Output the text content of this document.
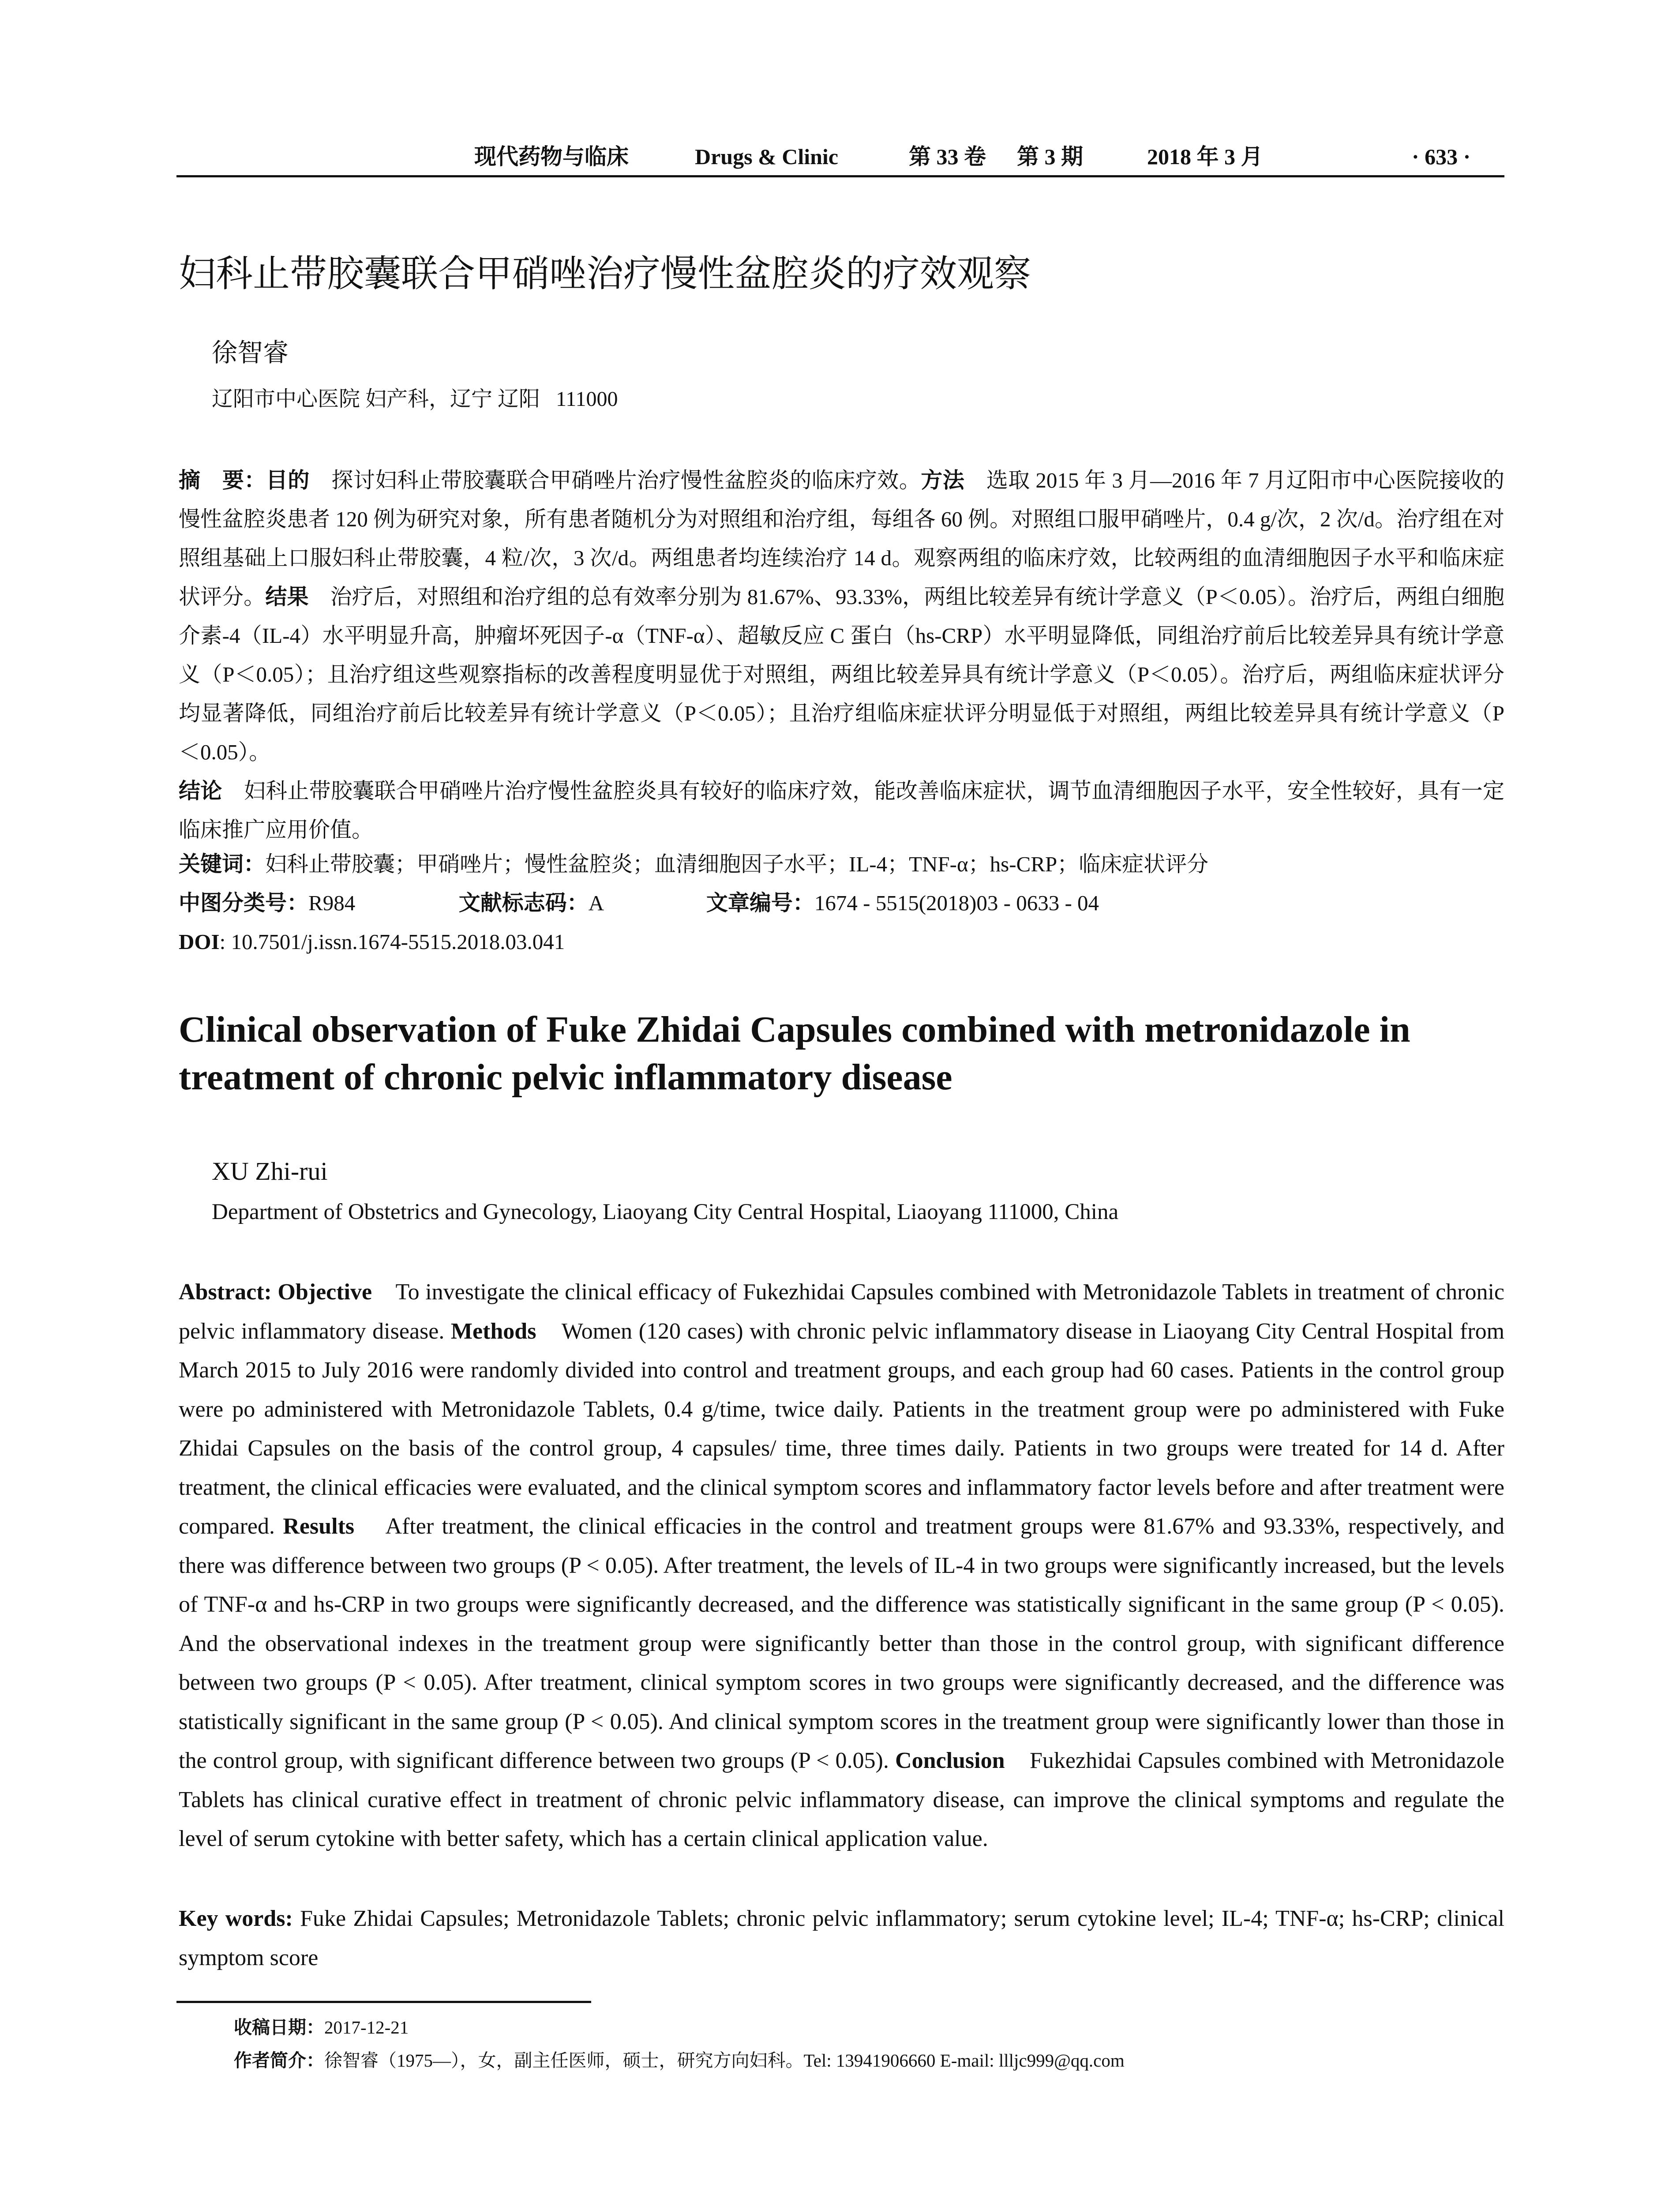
现代药物与临床	Drugs & Clinic	第 33 卷 第 3 期	2018 年 3 月	· 633 ·
妇科止带胶囊联合甲硝唑治疗慢性盆腔炎的疗效观察
徐智睿
辽阳市中心医院 妇产科，辽宁 辽阳   111000
摘　要：目的　 探讨妇科止带胶囊联合甲硝唑片治疗慢性盆腔炎的临床疗效。方法　 选取 2015 年 3 月—2016 年 7 月辽阳市中心医院接收的慢性盆腔炎患者 120 例为研究对象，所有患者随机分为对照组和治疗组，每组各 60 例。对照组口服甲硝唑片，0.4 g/次，2 次/d。治疗组在对照组基础上口服妇科止带胶囊，4 粒/次，3 次/d。两组患者均连续治疗 14 d。观察两组的临床疗效，比较两组的血清细胞因子水平和临床症状评分。结果　 治疗后，对照组和治疗组的总有效率分别为 81.67%、93.33%，两组比较差异有统计学意义（P＜0.05）。治疗后，两组白细胞介素-4（IL-4）水平明显升高，肿瘤坏死因子-α（TNF-α）、超敏反应 C 蛋白（hs-CRP）水平明显降低，同组治疗前后比较差异具有统计学意义（P＜0.05）；且治疗组这些观察指标的改善程度明显优于对照组，两组比较差异具有统计学意义（P＜0.05）。治疗后，两组临床症状评分均显著降低，同组治疗前后比较差异有统计学意义（P＜0.05）；且治疗组临床症状评分明显低于对照组，两组比较差异具有统计学意义（P＜0.05）。
结论　 妇科止带胶囊联合甲硝唑片治疗慢性盆腔炎具有较好的临床疗效，能改善临床症状，调节血清细胞因子水平，安全性较好，具有一定临床推广应用价值。
关键词：妇科止带胶囊；甲硝唑片；慢性盆腔炎；血清细胞因子水平；IL-4；TNF-α；hs-CRP；临床症状评分
中图分类号：R984	文献标志码：A	文章编号：1674 - 5515(2018)03 - 0633 - 04
DOI: 10.7501/j.issn.1674-5515.2018.03.041
Clinical observation of Fuke Zhidai Capsules combined with metronidazole in treatment of chronic pelvic inflammatory disease
XU Zhi-rui
Department of Obstetrics and Gynecology, Liaoyang City Central Hospital, Liaoyang 111000, China
Abstract: Objective To investigate the clinical efficacy of Fukezhidai Capsules combined with Metronidazole Tablets in treatment of chronic pelvic inflammatory disease. Methods Women (120 cases) with chronic pelvic inflammatory disease in Liaoyang City Central Hospital from March 2015 to July 2016 were randomly divided into control and treatment groups, and each group had 60 cases. Patients in the control group were po administered with Metronidazole Tablets, 0.4 g/time, twice daily. Patients in the treatment group were po administered with Fuke Zhidai Capsules on the basis of the control group, 4 capsules/ time, three times daily. Patients in two groups were treated for 14 d. After treatment, the clinical efficacies were evaluated, and the clinical symptom scores and inflammatory factor levels before and after treatment were compared. Results After treatment, the clinical efficacies in the control and treatment groups were 81.67% and 93.33%, respectively, and there was difference between two groups (P < 0.05). After treatment, the levels of IL-4 in two groups were significantly increased, but the levels of TNF-α and hs-CRP in two groups were significantly decreased, and the difference was statistically significant in the same group (P < 0.05). And the observational indexes in the treatment group were significantly better than those in the control group, with significant difference between two groups (P < 0.05). After treatment, clinical symptom scores in two groups were significantly decreased, and the difference was statistically significant in the same group (P < 0.05). And clinical symptom scores in the treatment group were significantly lower than those in the control group, with significant difference between two groups (P < 0.05). Conclusion Fukezhidai Capsules combined with Metronidazole Tablets has clinical curative effect in treatment of chronic pelvic inflammatory disease, can improve the clinical symptoms and regulate the level of serum cytokine with better safety, which has a certain clinical application value.
Key words: Fuke Zhidai Capsules; Metronidazole Tablets; chronic pelvic inflammatory; serum cytokine level; IL-4; TNF-α; hs-CRP; clinical symptom score
收稿日期：2017-12-21
作者简介：徐智睿（1975—），女，副主任医师，硕士，研究方向妇科。Tel: 13941906660 E-mail: llljc999@qq.com
